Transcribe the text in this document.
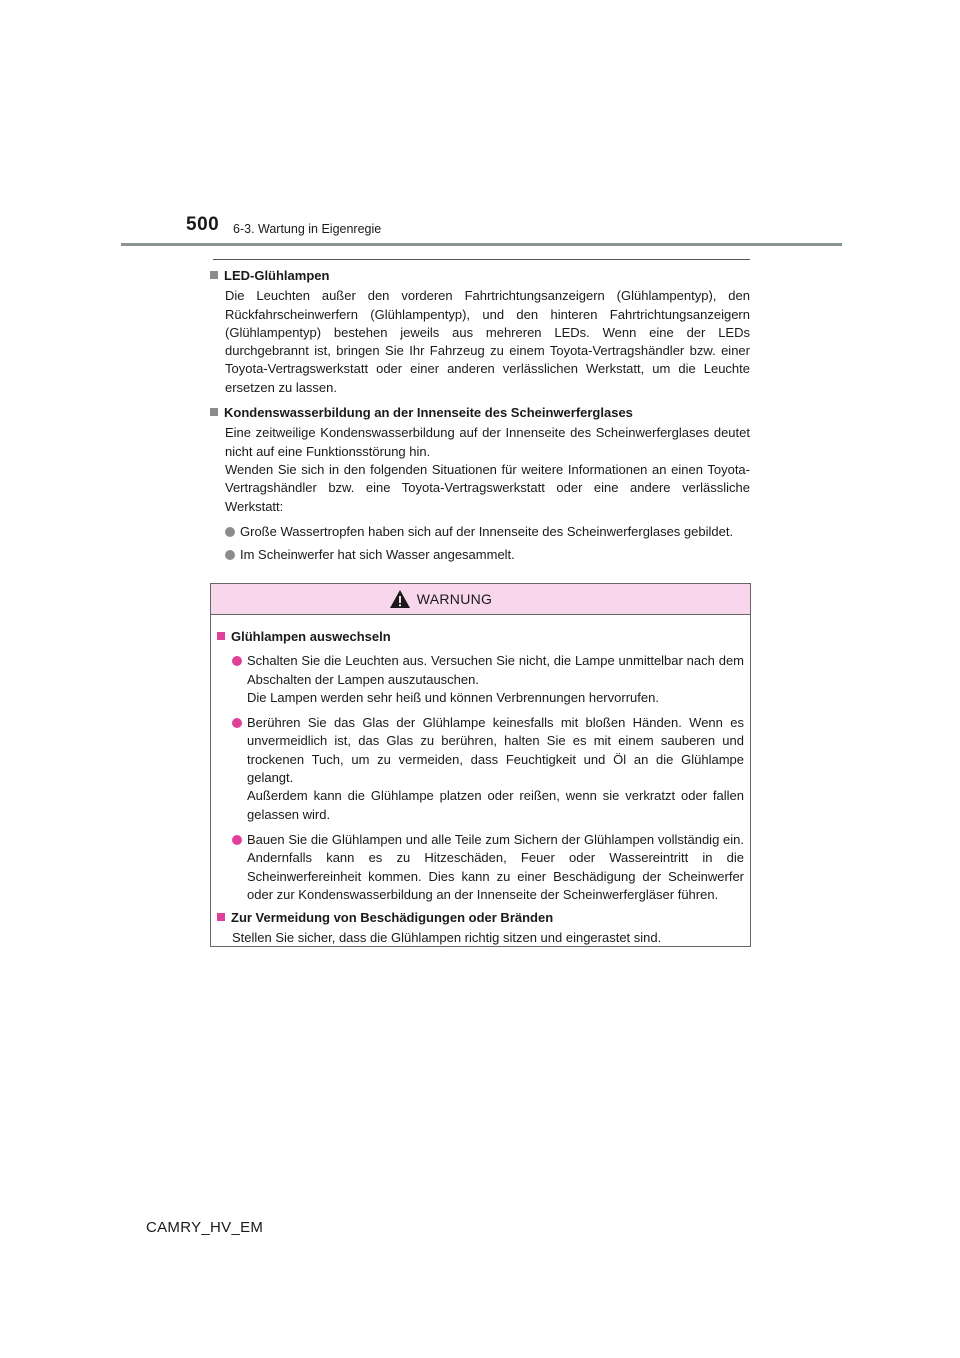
500 6-3. Wartung in Eigenregie
LED-Glühlampen
Die Leuchten außer den vorderen Fahrtrichtungsanzeigern (Glühlampentyp), den Rückfahrscheinwerfern (Glühlampentyp), und den hinteren Fahrtrichtungsanzeigern (Glühlampentyp) bestehen jeweils aus mehreren LEDs. Wenn eine der LEDs durchgebrannt ist, bringen Sie Ihr Fahrzeug zu einem Toyota-Vertragshändler bzw. einer Toyota-Vertragswerkstatt oder einer anderen verlässlichen Werkstatt, um die Leuchte ersetzen zu lassen.
Kondenswasserbildung an der Innenseite des Scheinwerferglases
Eine zeitweilige Kondenswasserbildung auf der Innenseite des Scheinwerferglases deutet nicht auf eine Funktionsstörung hin.
Wenden Sie sich in den folgenden Situationen für weitere Informationen an einen Toyota-Vertragshändler bzw. eine Toyota-Vertragswerkstatt oder eine andere verlässliche Werkstatt:
Große Wassertropfen haben sich auf der Innenseite des Scheinwerferglases gebildet.
Im Scheinwerfer hat sich Wasser angesammelt.
WARNUNG
Glühlampen auswechseln
Schalten Sie die Leuchten aus. Versuchen Sie nicht, die Lampe unmittelbar nach dem Abschalten der Lampen auszutauschen.
Die Lampen werden sehr heiß und können Verbrennungen hervorrufen.
Berühren Sie das Glas der Glühlampe keinesfalls mit bloßen Händen. Wenn es unvermeidlich ist, das Glas zu berühren, halten Sie es mit einem sauberen und trockenen Tuch, um zu vermeiden, dass Feuchtigkeit und Öl an die Glühlampe gelangt.
Außerdem kann die Glühlampe platzen oder reißen, wenn sie verkratzt oder fallen gelassen wird.
Bauen Sie die Glühlampen und alle Teile zum Sichern der Glühlampen vollständig ein. Andernfalls kann es zu Hitzeschäden, Feuer oder Wassereintritt in die Scheinwerfereinheit kommen. Dies kann zu einer Beschädigung der Scheinwerfer oder zur Kondenswasserbildung an der Innenseite der Scheinwerfergläser führen.
Zur Vermeidung von Beschädigungen oder Bränden
Stellen Sie sicher, dass die Glühlampen richtig sitzen und eingerastet sind.
CAMRY_HV_EM
